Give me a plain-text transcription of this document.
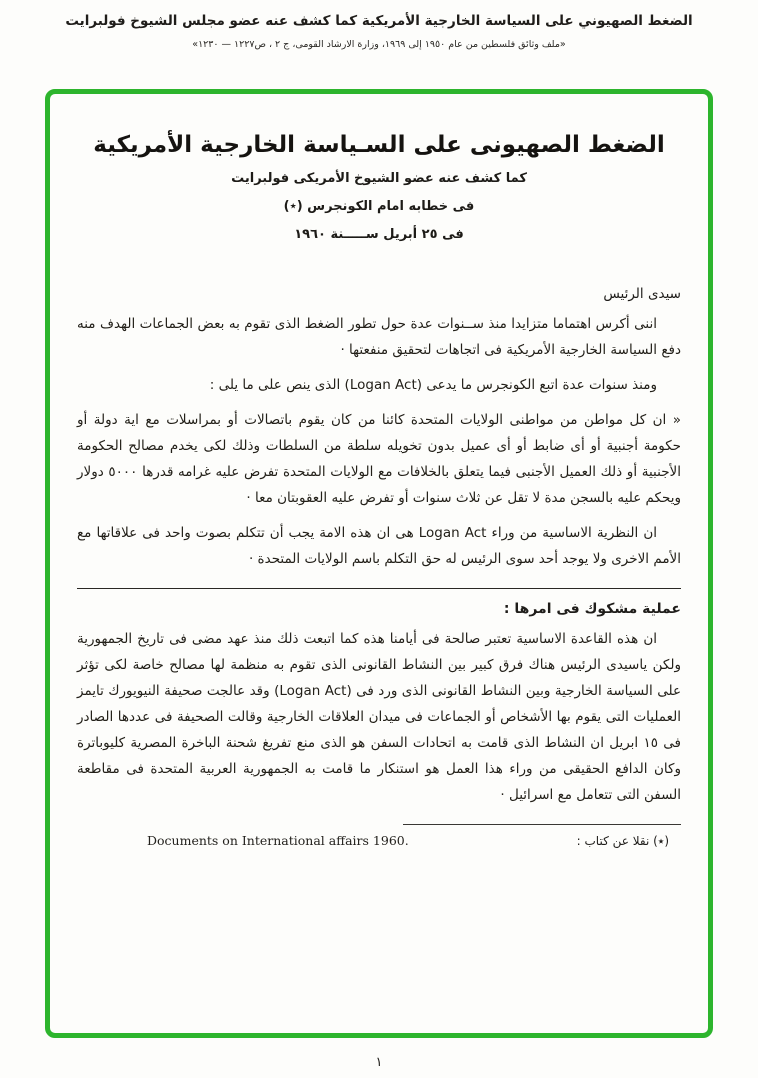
الضغط الصهيوني على السياسة الخارجية الأمريكية كما كشف عنه عضو مجلس الشيوخ فولبرايت
«ملف وثائق فلسطين من عام ١٩٥٠ إلى ١٩٦٩، وزارة الارشاد القومى، ج ٢ ، ص١٢٢٧ — ١٢٣٠»
الضغط الصهيونى على السـياسة الخارجية الأمريكية
كما كشف عنه عضو الشيوخ الأمريكى فولبرايت
فى خطابه امام الكونجرس (٭)
فى ٢٥ أبريل ســـــنة ١٩٦٠
سيدى الرئيس

اننى أكرس اهتماما متزايدا منذ ســنوات عدة حول تطور الضغط الذى تقوم به بعض الجماعات الهدف منه دفع السياسة الخارجية الأمريكية فى اتجاهات لتحقيق منفعتها ·

ومنذ سنوات عدة اتبع الكونجرس ما يدعى (Logan Act) الذى ينص على ما يلى :

« ان كل مواطن من مواطنى الولايات المتحدة كائنا من كان يقوم باتصالات أو بمراسلات مع اية دولة أو حكومة أجنبية أو أى ضابط أو أى عميل بدون تخويله سلطة من السلطات وذلك لكى يخدم مصالح الحكومة الأجنبية أو ذلك العميل الأجنبى فيما يتعلق بالخلافات مع الولايات المتحدة تفرض عليه غرامه قدرها ٥٠٠٠ دولار ويحكم عليه بالسجن مدة لا تقل عن ثلاث سنوات أو تفرض عليه العقوبتان معا ·

ان النظرية الاساسية من وراء Logan Act هى ان هذه الامة يجب أن تتكلم بصوت واحد فى علاقاتها مع الأمم الاخرى ولا يوجد أحد سوى الرئيس له حق التكلم باسم الولايات المتحدة ·

عملية مشكوك فى امرها :

ان هذه القاعدة الاساسية تعتبر صالحة فى أيامنا هذه كما اتبعت ذلك منذ عهد مضى فى تاريخ الجمهورية ولكن ياسيدى الرئيس هناك فرق كبير بين النشاط القانونى الذى تقوم به منظمة لها مصالح خاصة لكى تؤثر على السياسة الخارجية وبين النشاط القانونى الذى ورد فى (Logan Act) وقد عالجت صحيفة النيويورك تايمز العمليات التى يقوم بها الأشخاص أو الجماعات فى ميدان العلاقات الخارجية وقالت الصحيفة فى عددها الصادر فى ١٥ ابريل ان النشاط الذى قامت به اتحادات السفن هو الذى منع تفريغ شحنة الباخرة المصرية كليوباترة وكان الدافع الحقيقى من وراء هذا العمل هو استنكار ما قامت به الجمهورية العربية المتحدة فى مقاطعة السفن التى تتعامل مع اسرائيل ·

(٭) نقلا عن كتاب :
Documents on International affairs 1960.
١
